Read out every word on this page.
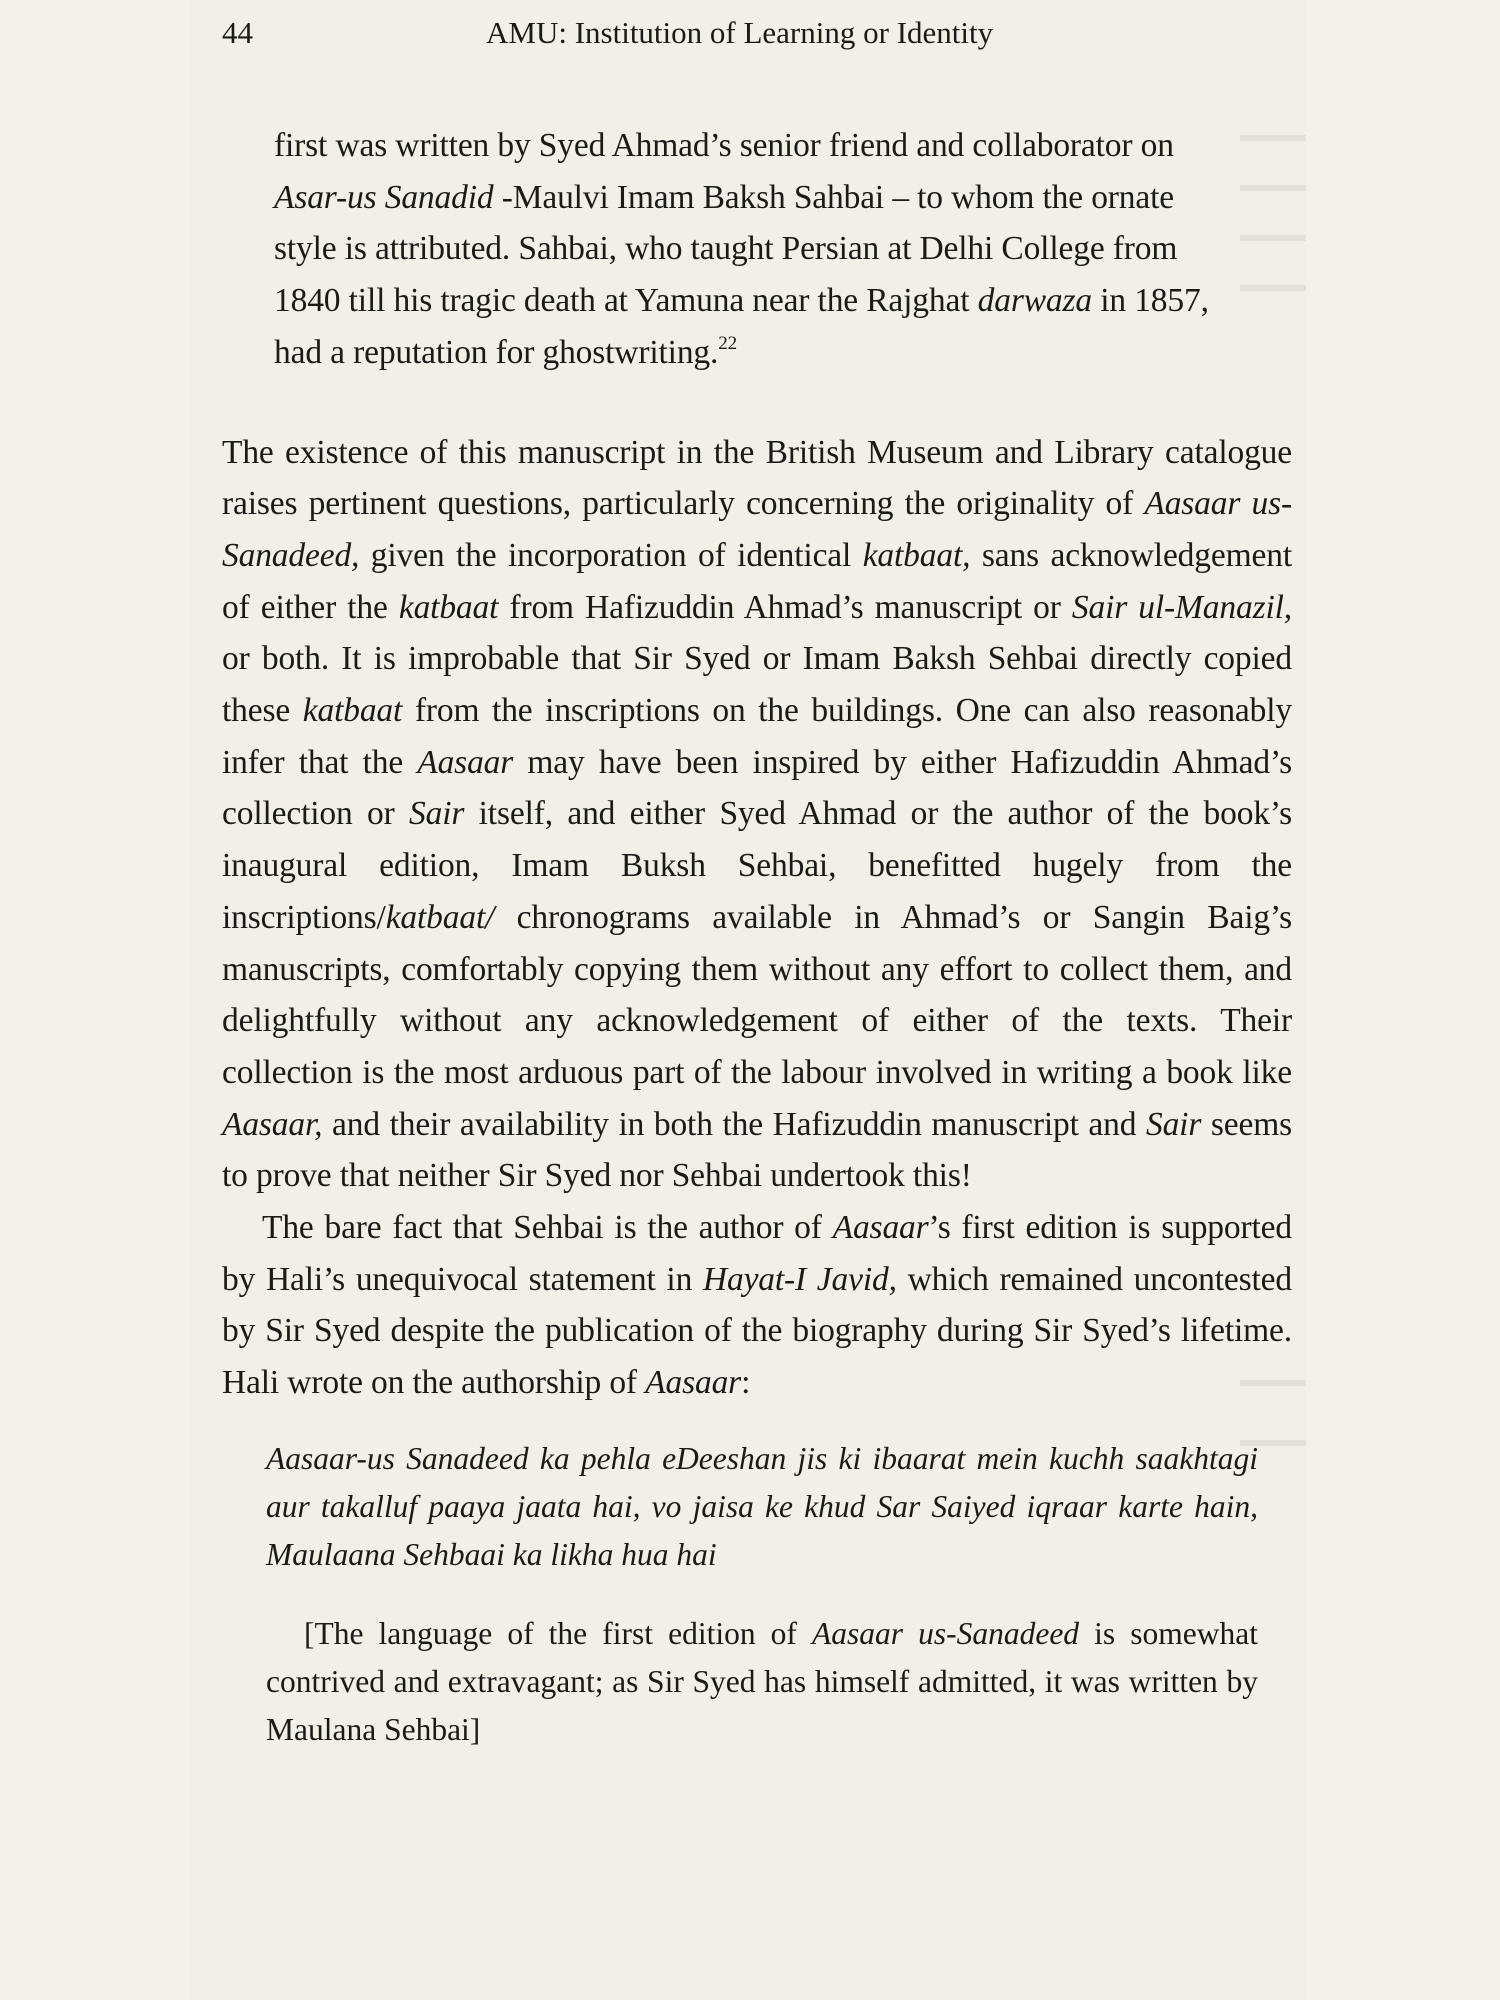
44	AMU: Institution of Learning or Identity

first was written by Syed Ahmad’s senior friend and collaborator on Asar-us Sanadid -Maulvi Imam Baksh Sahbai – to whom the ornate style is attributed. Sahbai, who taught Persian at Delhi College from 1840 till his tragic death at Yamuna near the Rajghat darwaza in 1857, had a reputation for ghostwriting.$^{22}$

The existence of this manuscript in the British Museum and Library catalogue raises pertinent questions, particularly concerning the originality of Aasaar us-Sanadeed, given the incorporation of identical katbaat, sans acknowledgement of either the katbaat from Hafizuddin Ahmad’s manuscript or Sair ul-Manazil, or both. It is improbable that Sir Syed or Imam Baksh Sehbai directly copied these katbaat from the inscriptions on the buildings. One can also reasonably infer that the Aasaar may have been inspired by either Hafizuddin Ahmad’s collection or Sair itself, and either Syed Ahmad or the author of the book’s inaugural edition, Imam Buksh Sehbai, benefitted hugely from the inscriptions/katbaat/ chronograms available in Ahmad’s or Sangin Baig’s manuscripts, comfortably copying them without any effort to collect them, and delightfully without any acknowledgement of either of the texts. Their collection is the most arduous part of the labour involved in writing a book like Aasaar, and their availability in both the Hafizuddin manuscript and Sair seems to prove that neither Sir Syed nor Sehbai undertook this!

The bare fact that Sehbai is the author of Aasaar’s first edition is supported by Hali’s unequivocal statement in Hayat-I Javid, which remained uncontested by Sir Syed despite the publication of the biography during Sir Syed’s lifetime. Hali wrote on the authorship of Aasaar:

Aasaar-us Sanadeed ka pehla eDeeshan jis ki ibaarat mein kuchh saakhtagi aur takalluf paaya jaata hai, vo jaisa ke khud Sar Saiyed iqraar karte hain, Maulaana Sehbaai ka likha hua hai

[The language of the first edition of Aasaar us-Sanadeed is somewhat contrived and extravagant; as Sir Syed has himself admitted, it was written by Maulana Sehbai]
